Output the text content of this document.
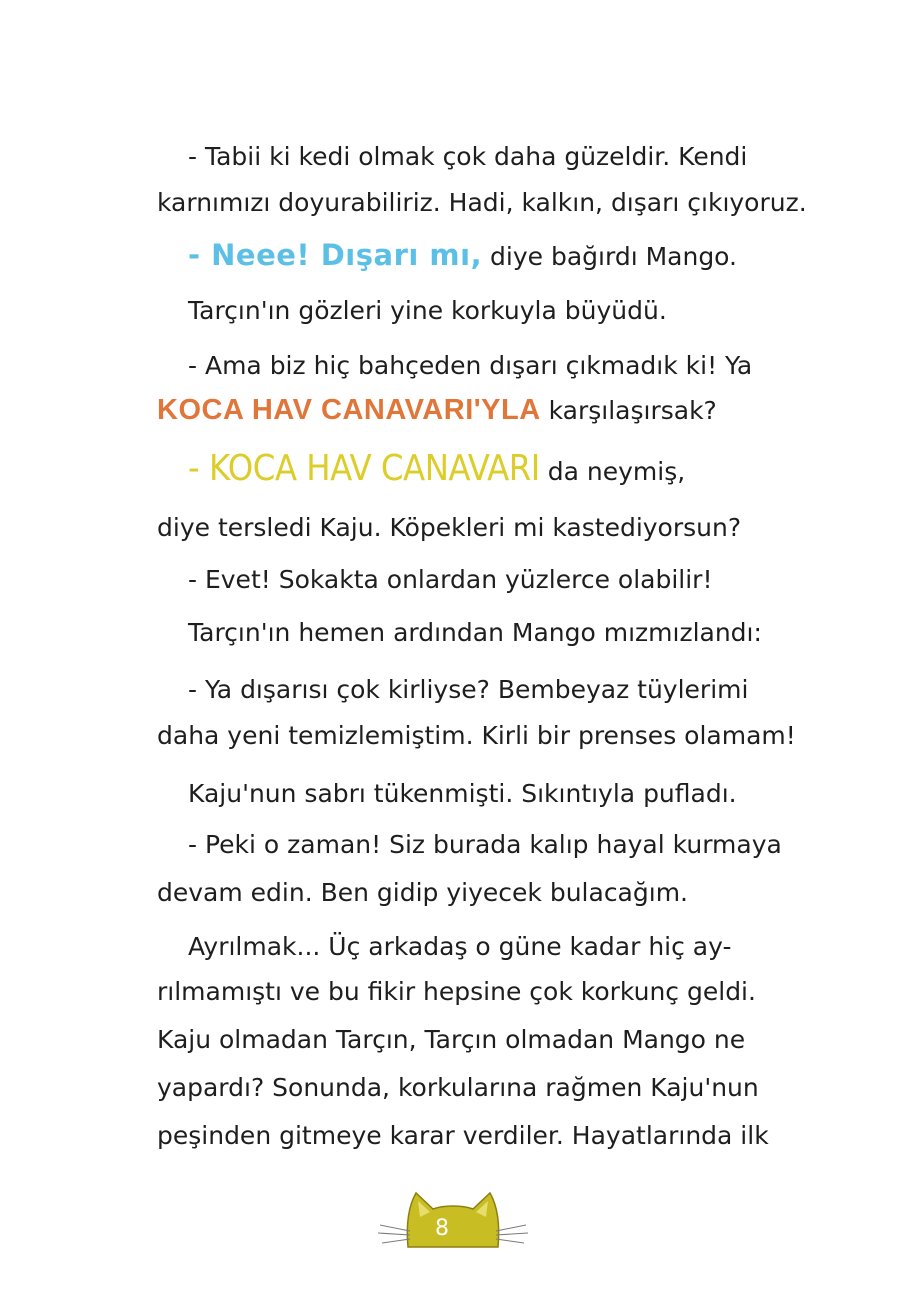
- Tabii ki kedi olmak çok daha güzeldir. Kendi
karnımızı doyurabiliriz. Hadi, kalkın, dışarı çıkıyoruz.
- Neee! Dışarı mı, diye bağırdı Mango.
Tarçın'ın gözleri yine korkuyla büyüdü.
- Ama biz hiç bahçeden dışarı çıkmadık ki! Ya
KOCA HAV CANAVARI'YLA karşılaşırsak?
- KOCA HAV CANAVARI da neymiş,
diye tersledi Kaju. Köpekleri mi kastediyorsun?
- Evet! Sokakta onlardan yüzlerce olabilir!
Tarçın'ın hemen ardından Mango mızmızlandı:
- Ya dışarısı çok kirliyse? Bembeyaz tüylerimi
daha yeni temizlemiştim. Kirli bir prenses olamam!
Kaju'nun sabrı tükenmişti. Sıkıntıyla pufladı.
- Peki o zaman! Siz burada kalıp hayal kurmaya
devam edin. Ben gidip yiyecek bulacağım.
Ayrılmak... Üç arkadaş o güne kadar hiç ay-
rılmamıştı ve bu fikir hepsine çok korkunç geldi.
Kaju olmadan Tarçın, Tarçın olmadan Mango ne
yapardı? Sonunda, korkularına rağmen Kaju'nun
peşinden gitmeye karar verdiler. Hayatlarında ilk
8
